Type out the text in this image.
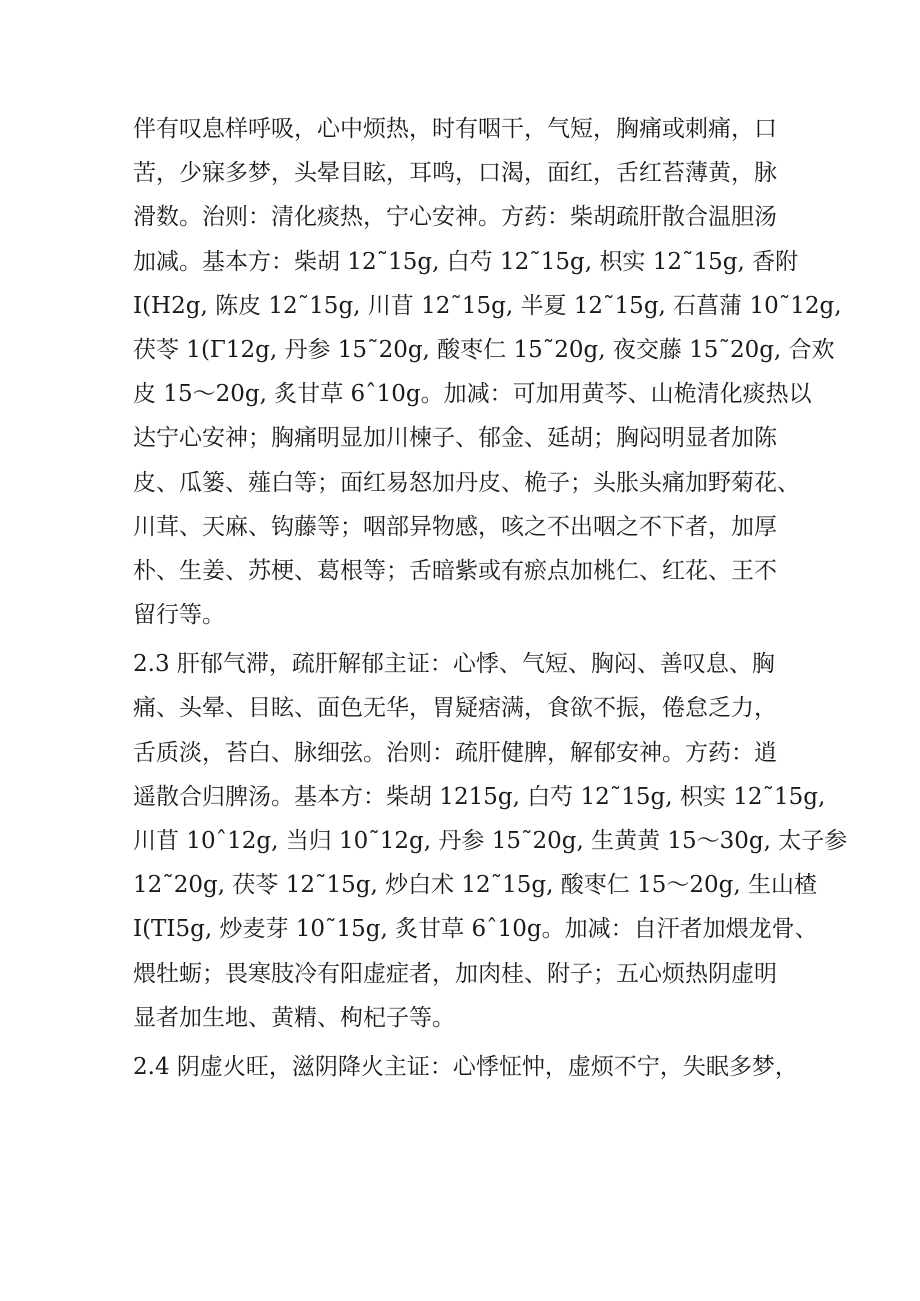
伴有叹息样呼吸，心中烦热，时有咽干，气短，胸痛或刺痛，口
苦，少寐多梦，头晕目眩，耳鸣，口渴，面红，舌红苔薄黄，脉
滑数。治则：清化痰热，宁心安神。方药：柴胡疏肝散合温胆汤
加减。基本方：柴胡 12˜15g, 白芍 12˜15g, 枳实 12˜15g, 香附
I(H2g, 陈皮 12˜15g, 川苜 12˜15g, 半夏 12˜15g, 石菖蒲 10˜12g,
茯苓 1(Γ12g, 丹参 15˜20g, 酸枣仁 15˜20g, 夜交藤 15˜20g, 合欢
皮 15～20g, 炙甘草 6ˆ10g。加减：可加用黄芩、山桅清化痰热以
达宁心安神；胸痛明显加川楝子、郁金、延胡；胸闷明显者加陈
皮、瓜篓、薤白等；面红易怒加丹皮、桅子；头胀头痛加野菊花、
川茸、天麻、钩藤等；咽部异物感，咳之不出咽之不下者，加厚
朴、生姜、苏梗、葛根等；舌暗紫或有瘀点加桃仁、红花、王不
留行等。
2.3 肝郁气滞，疏肝解郁主证：心悸、气短、胸闷、善叹息、胸
痛、头晕、目眩、面色无华，胃疑痞满，食欲不振，倦怠乏力，
舌质淡，苔白、脉细弦。治则：疏肝健脾，解郁安神。方药：逍
遥散合归脾汤。基本方：柴胡 1215g, 白芍 12˜15g, 枳实 12˜15g,
川苜 10ˆ12g, 当归 10˜12g, 丹参 15˜20g, 生黄黄 15～30g, 太子参
12˜20g, 茯苓 12˜15g, 炒白术 12˜15g, 酸枣仁 15～20g, 生山楂
I(TI5g, 炒麦芽 10˜15g, 炙甘草 6ˆ10g。加减：自汗者加煨龙骨、
煨牡蛎；畏寒肢冷有阳虚症者，加肉桂、附子；五心烦热阴虚明
显者加生地、黄精、枸杞子等。
2.4 阴虚火旺，滋阴降火主证：心悸怔忡，虚烦不宁，失眠多梦，
